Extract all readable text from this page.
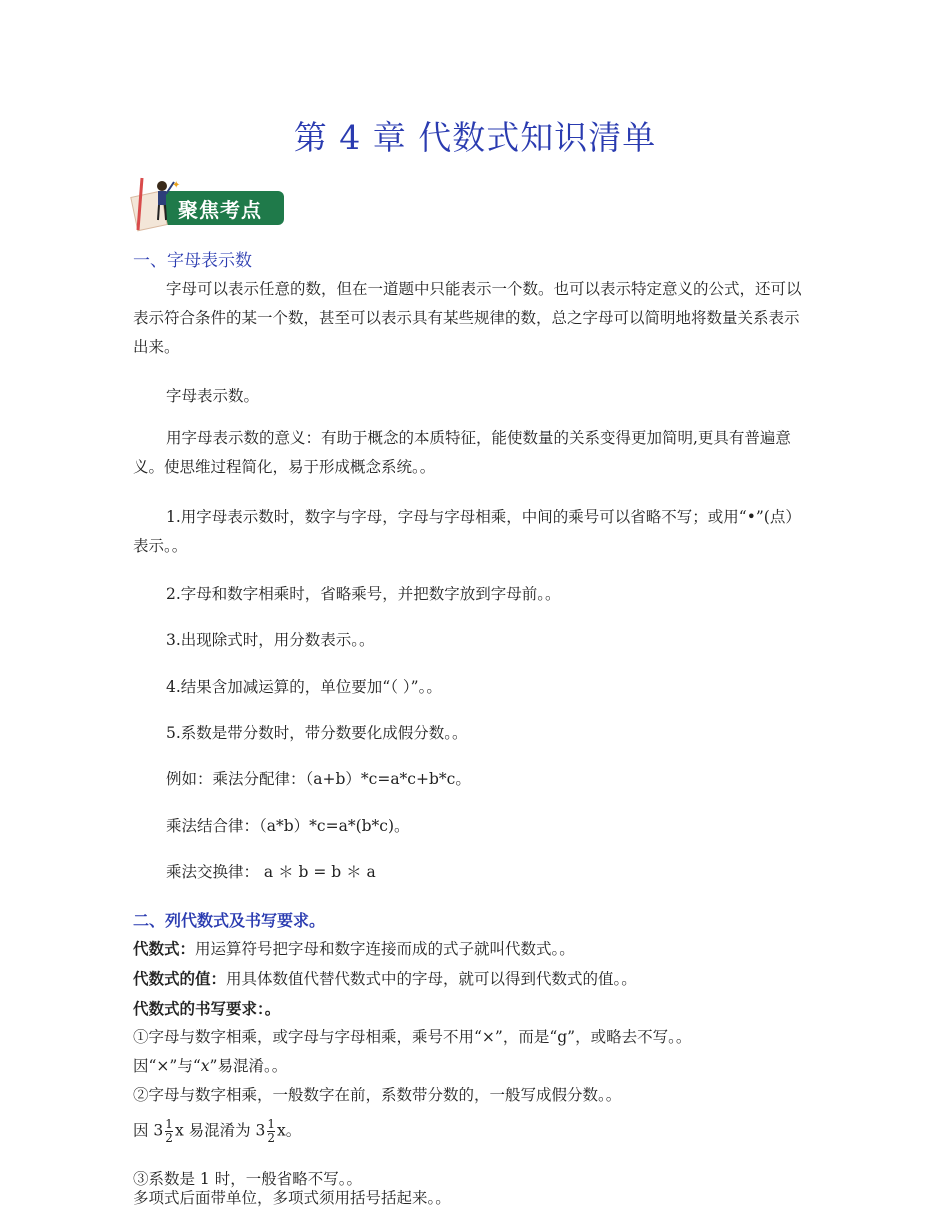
第 4 章 代数式知识清单
✦
聚焦考点
一、字母表示数
字母可以表示任意的数，但在一道题中只能表示一个数。也可以表示特定意义的公式，还可以表示符合条件的某一个数，甚至可以表示具有某些规律的数，总之字母可以简明地将数量关系表示出来。
字母表示数。
用字母表示数的意义：有助于概念的本质特征，能使数量的关系变得更加简明,更具有普遍意义。使思维过程简化，易于形成概念系统。。
1.用字母表示数时，数字与字母，字母与字母相乘，中间的乘号可以省略不写；或用“•”(点）表示。。
2.字母和数字相乘时，省略乘号，并把数字放到字母前。。
3.出现除式时，用分数表示。。
4.结果含加减运算的，单位要加“（ ）”。。
5.系数是带分数时，带分数要化成假分数。。
例如：乘法分配律：（a+b）*c=a*c+b*c。
乘法结合律：（a*b）*c=a*(b*c)。
乘法交换律： a ＊ b = b ＊ a
二、列代数式及书写要求。
代数式：用运算符号把字母和数字连接而成的式子就叫代数式。。
代数式的值：用具体数值代替代数式中的字母，就可以得到代数式的值。。
代数式的书写要求：。
①字母与数字相乘，或字母与字母相乘，乘号不用“×”，而是“g”，或略去不写。。
因“×”与“x”易混淆。。
②字母与数字相乘，一般数字在前，系数带分数的，一般写成假分数。。
因 $3 \frac{1}{2}$ x 易混淆为 $3 \frac{1}{2}$ x。
③系数是 1 时，一般省略不写。。
多项式后面带单位，多项式须用括号括起来。。
